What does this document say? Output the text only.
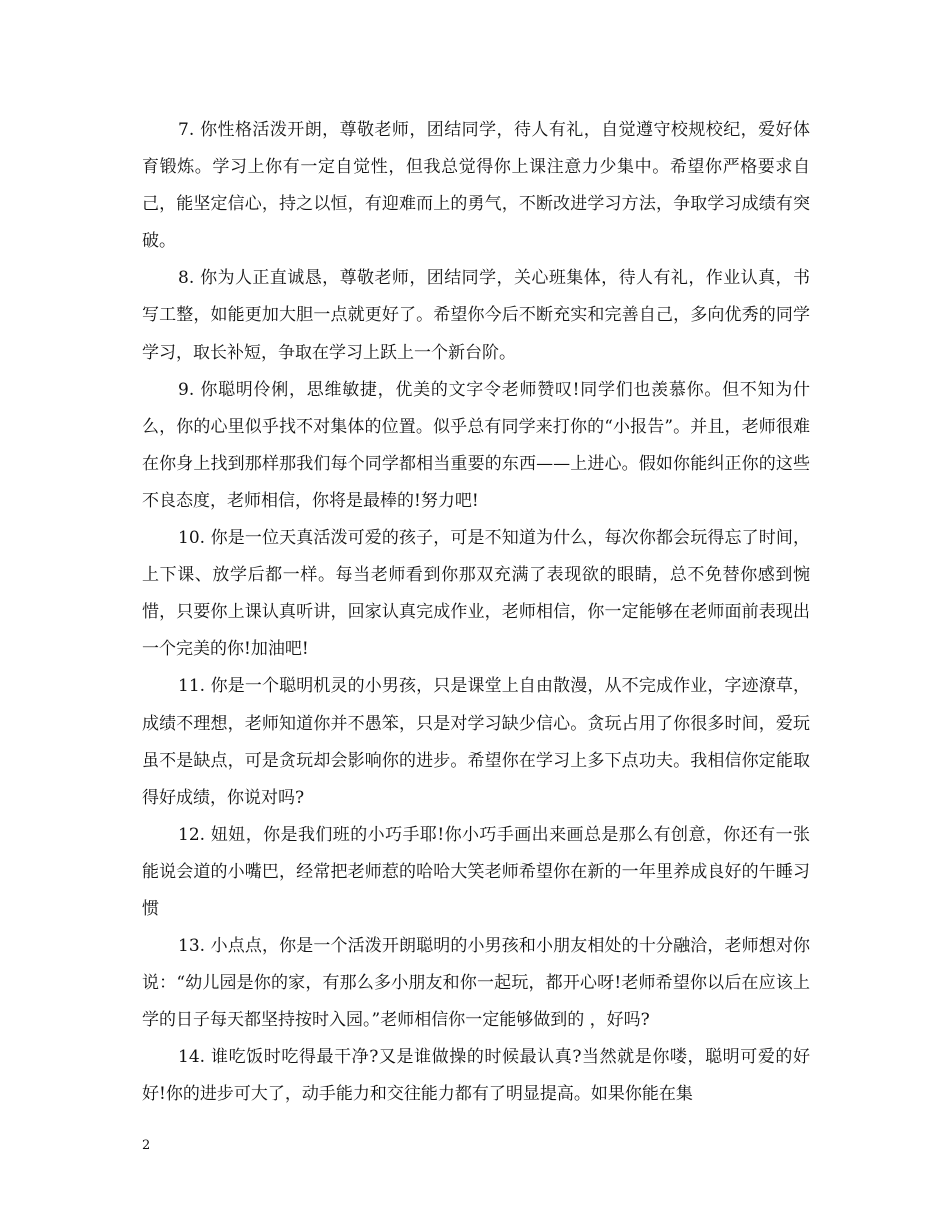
7. 你性格活泼开朗，尊敬老师，团结同学，待人有礼，自觉遵守校规校纪，爱好体育锻炼。学习上你有一定自觉性，但我总觉得你上课注意力少集中。希望你严格要求自己，能坚定信心，持之以恒，有迎难而上的勇气，不断改进学习方法，争取学习成绩有突破。

8. 你为人正直诚恳，尊敬老师，团结同学，关心班集体，待人有礼，作业认真，书写工整，如能更加大胆一点就更好了。希望你今后不断充实和完善自己，多向优秀的同学学习，取长补短，争取在学习上跃上一个新台阶。

9. 你聪明伶俐，思维敏捷，优美的文字令老师赞叹!同学们也羡慕你。但不知为什么，你的心里似乎找不对集体的位置。似乎总有同学来打你的“小报告”。并且，老师很难在你身上找到那样那我们每个同学都相当重要的东西——上进心。假如你能纠正你的这些不良态度，老师相信，你将是最棒的!努力吧!

10. 你是一位天真活泼可爱的孩子，可是不知道为什么，每次你都会玩得忘了时间，上下课、放学后都一样。每当老师看到你那双充满了表现欲的眼睛，总不免替你感到惋惜，只要你上课认真听讲，回家认真完成作业，老师相信，你一定能够在老师面前表现出一个完美的你!加油吧!

11. 你是一个聪明机灵的小男孩，只是课堂上自由散漫，从不完成作业，字迹潦草，成绩不理想，老师知道你并不愚笨，只是对学习缺少信心。贪玩占用了你很多时间，爱玩虽不是缺点，可是贪玩却会影响你的进步。希望你在学习上多下点功夫。我相信你定能取得好成绩，你说对吗?

12. 妞妞，你是我们班的小巧手耶!你小巧手画出来画总是那么有创意，你还有一张能说会道的小嘴巴，经常把老师惹的哈哈大笑老师希望你在新的一年里养成良好的午睡习惯

13. 小点点，你是一个活泼开朗聪明的小男孩和小朋友相处的十分融洽，老师想对你说：“幼儿园是你的家，有那么多小朋友和你一起玩，都开心呀!老师希望你以后在应该上学的日子每天都坚持按时入园。”老师相信你一定能够做到的 ，好吗?

14. 谁吃饭时吃得最干净?又是谁做操的时候最认真?当然就是你喽，聪明可爱的好好!你的进步可大了，动手能力和交往能力都有了明显提高。如果你能在集

2
